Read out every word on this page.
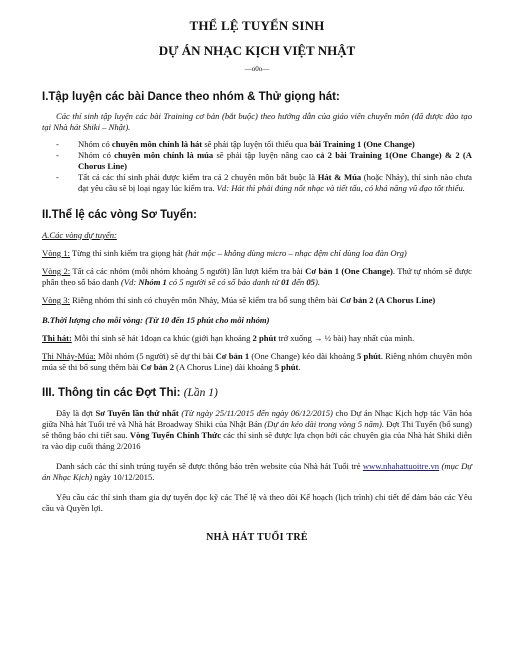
THỂ LỆ TUYỂN SINH

DỰ ÁN NHẠC KỊCH VIỆT NHẬT

—o0o—

I.Tập luyện các bài Dance theo nhóm & Thử giọng hát:

Các thí sinh tập luyện các bài Training cơ bản (bắt buộc) theo hướng dẫn của giáo viên chuyên môn (đã được đào tạo tại Nhà hát Shiki – Nhật).

- Nhóm có chuyên môn chính là hát sẽ phải tập luyện tối thiểu qua bài Training 1 (One Change)
- Nhóm có chuyên môn chính là múa sẽ phải tập luyện nâng cao cả 2 bài Training 1(One Change) & 2 (A Chorus Line)
- Tất cả các thí sinh phải được kiểm tra cả 2 chuyên môn bắt buộc là Hát & Múa (hoặc Nhảy), thí sinh nào chưa đạt yêu cầu sẽ bị loại ngay lúc kiểm tra. Vd: Hát thì phải đúng nốt nhạc và tiết tấu, có khả năng vũ đạo tốt thiểu.
II.Thể lệ các vòng Sơ Tuyển:

A.Các vòng dự tuyển:

Vòng 1: Từng thí sinh kiểm tra giọng hát (hát mộc – không dùng micro – nhạc đệm chỉ dùng loa đàn Org)

Vòng 2: Tất cả các nhóm (mỗi nhóm khoảng 5 người) lần lượt kiểm tra bài Cơ bản 1 (One Change). Thứ tự nhóm sẽ được phân theo số báo danh (Vd: Nhóm 1 có 5 người sẽ có số báo danh từ 01 đến 05).

Vòng 3: Riêng nhóm thí sinh có chuyên môn Nhảy, Múa sẽ kiểm tra bổ sung thêm bài Cơ bản 2 (A Chorus Line)

B.Thời lượng cho mỗi vòng: (Từ 10 đến 15 phút cho mỗi nhóm)

Thi hát: Mỗi thí sinh sẽ hát 1đoạn ca khúc (giới hạn khoảng 2 phút trở xuống → ½ bài) hay nhất của mình.

Thi Nhảy-Múa: Mỗi nhóm (5 người) sẽ dự thi bài Cơ bản 1 (One Change) kéo dài khoảng 5 phút. Riêng nhóm chuyên môn múa sẽ thi bổ sung thêm bài Cơ bản 2 (A Chorus Line) dài khoảng 5 phút.

III. Thông tin các Đợt Thi: (Lần 1)

Đây là đợt Sơ Tuyển lần thứ nhất (Từ ngày 25/11/2015 đến ngày 06/12/2015) cho Dự án Nhạc Kịch hợp tác Văn hóa giữa Nhà hát Tuổi trẻ và Nhà hát Broadway Shiki của Nhật Bản (Dự án kéo dài trong vòng 5 năm). Đợt Thi Tuyển (bổ sung) sẽ thông báo chi tiết sau. Vòng Tuyển Chính Thức các thí sinh sẽ được lựa chọn bởi các chuyên gia của Nhà hát Shiki diễn ra vào dịp cuối tháng 2/2016

Danh sách các thí sinh trúng tuyển sẽ được thông báo trên website của Nhà hát Tuổi trẻ www.nhahattuoitre.vn (mục Dự án Nhạc Kịch) ngày 10/12/2015.

Yêu cầu các thí sinh tham gia dự tuyển đọc kỹ các Thể lệ và theo dõi Kế hoạch (lịch trình) chi tiết để đảm bảo các Yêu cầu và Quyền lợi.

NHÀ HÁT TUỔI TRẺ
